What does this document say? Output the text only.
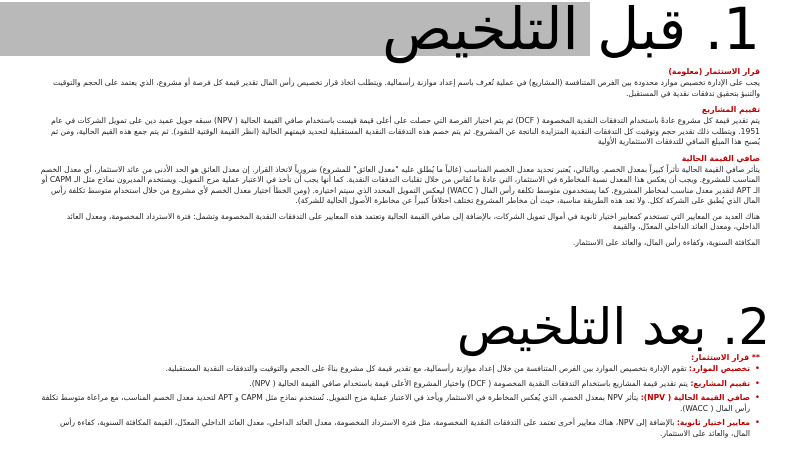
1. قبل التلخيص
قرار الاستثمار (معلومة)

يجب على الإدارة تخصيص موارد محدودة بين الفرص المتنافسة (المشاريع) في عملية تُعرف باسم إعداد موازنة رأسمالية. ويتطلب اتخاذ قرار تخصيص رأس المال تقدير قيمة كل فرصة أو مشروع، الذي يعتمد على الحجم والتوقيت والتنبؤ بتحقيق تدفقات نقدية في المستقبل.

تقييم المشاريع

يتم تقدير قيمة كل مشروع عادةً باستخدام التدفقات النقدية المخصومة ( DCF) ثم يتم اختيار الفرصة التي حصلت على أعلى قيمة قيست باستخدام صافي القيمة الحالية ( NPV) سبقه جويل عميد دين على تمويل الشركات في عام 1951. ويتطلب ذلك تقدير حجم وتوقيت كل التدفقات النقدية المتزايدة الناتجة عن المشروع. ثم يتم خصم هذه التدفقات النقدية المستقبلية لتحديد قيمتهم الحالية (انظر القيمة الوقتية للنقود). ثم يتم جمع هذه القيم الحالية، ومن ثم يُصبح هذا المبلغ الصافي للتدفقات الاستثمارية الأولية

صافي القيمة الحالية

يتأثر صافي القيمة الحالية تأثراً كبيراً بمعدل الخصم. وبالتالي، يُعتبر تحديد معدل الخصم المناسب (غالباً ما يُطلق عليه "معدل العائق" للمشروع) ضرورياً لاتخاذ القرار. إن معدل العائق هو الحد الأدنى من عائد الاستثمار، أي معدل الخصم المناسب للمشروع. ويجب أن يعكس هذا المعدل نسبة المخاطرة في الاستثمار، التي عادةً ما تُقاس من خلال تقلبات التدفقات النقدية. كما أنها يجب أن تأخذ في الاعتبار عملية مزج التمويل. ويستخدم المديرون نماذج مثل الـ CAPM أو الـ APT لتقدير معدل مناسب لمخاطر المشروع. كما يستخدمون متوسط تكلفة رأس المال ( WACC) ليعكس التمويل المحدد الذي سيتم اختياره. (ومن الخطأ اختيار معدل الخصم لأي مشروع من خلال استخدام متوسط تكلفة رأس المال الذي يُطبق على الشركة ككل. ولا تعد هذه الطريقة مناسبة، حيث أن مخاطر المشروع تختلف اختلافاً كبيراً عن مخاطرة الأصول الحالية للشركة).

هناك العديد من المعايير التي تستخدم كمعايير اختيار ثانوية في أموال تمويل الشركات، بالإضافة إلى صافي القيمة الحالية وتعتمد هذه المعايير على التدفقات النقدية المخصومة وتشمل: فترة الاسترداد المخصومة، ومعدل العائد الداخلي، ومعدل العائد الداخلي المعدّل، والقيمة

المكافئة السنوية، وكفاءة رأس المال، والعائد على الاستثمار.

2. بعد التلخيص
** قرار الاستثمار:
• تخصيص الموارد: تقوم الإدارة بتخصيص الموارد بين الفرص المتنافسة من خلال إعداد موازنة رأسمالية، مع تقدير قيمة كل مشروع بناءً على الحجم والتوقيت والتدفقات النقدية المستقبلية.
• تقييم المشاريع: يتم تقدير قيمة المشاريع باستخدام التدفقات النقدية المخصومة ( DCF) واختيار المشروع الأعلى قيمة باستخدام صافي القيمة الحالية ( NPV).
• صافي القيمة الحالية ( NPV): يتأثر NPV بمعدل الخصم، الذي يُعكس المخاطرة في الاستثمار ويأخذ في الاعتبار عملية مزج التمويل. تُستخدم نماذج مثل CAPM و APT لتحديد معدل الخصم المناسب، مع مراعاة متوسط تكلفة رأس المال ( WACC).
• معايير اختيار ثانوية: بالإضافة إلى NPV، هناك معايير أخرى تعتمد على التدفقات النقدية المخصومة، مثل فترة الاسترداد المخصومة، معدل العائد الداخلي، معدل العائد الداخلي المعدّل، القيمة المكافئة السنوية، كفاءة رأس المال، والعائد على الاستثمار.
